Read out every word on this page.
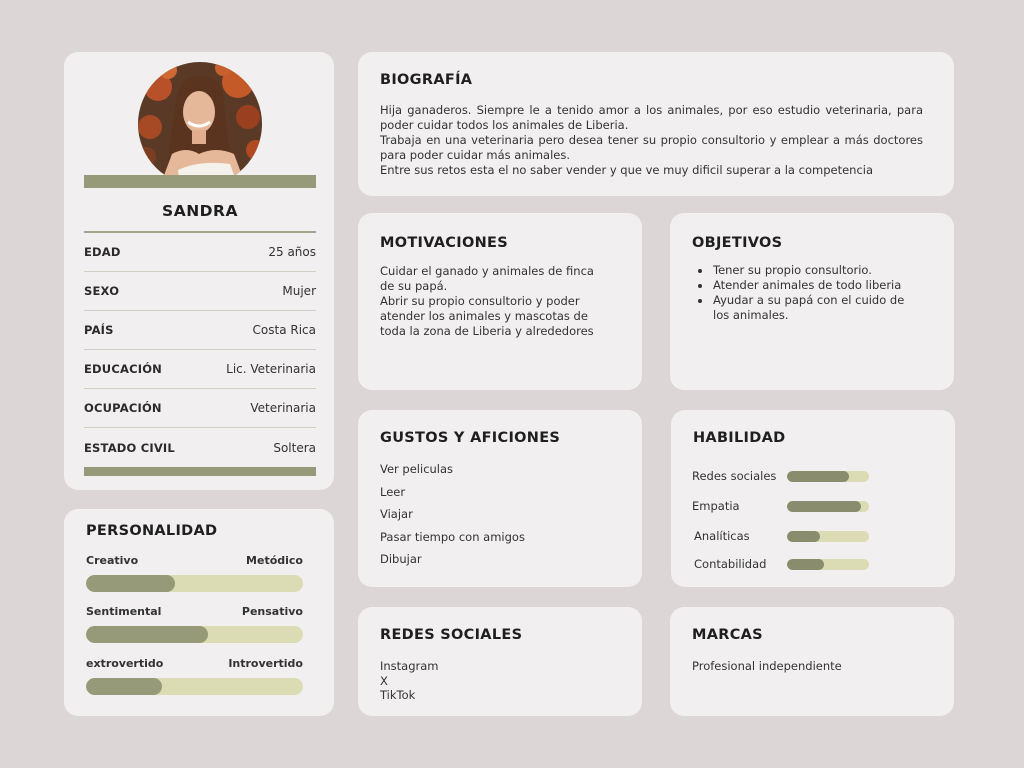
SANDRA
EDAD	25 años
SEXO	Mujer
PAÍS	Costa Rica
EDUCACIÓN	Lic. Veterinaria
OCUPACIÓN	Veterinaria
ESTADO CIVIL	Soltera
PERSONALIDAD
Creativo	Metódico
Sentimental	Pensativo
extrovertido	Introvertido
BIOGRAFÍA
Hija ganaderos. Siempre le a tenido amor a los animales, por eso estudio veterinaria, para poder cuidar todos los animales de Liberia.
Trabaja en una veterinaria pero desea tener su propio consultorio y emplear a más doctores para poder cuidar más animales.
Entre sus retos esta el no saber vender y que ve muy dificil superar a la competencia
MOTIVACIONES
Cuidar el ganado y animales de finca de su papá.
Abrir su propio consultorio y poder atender los animales y mascotas de toda la zona de Liberia y alrededores
OBJETIVOS
Tener su propio consultorio.
Atender animales de todo liberia
Ayudar a su papá con el cuido de los animales.
GUSTOS Y AFICIONES
Ver peliculas
Leer
Viajar
Pasar tiempo con amigos
Dibujar
HABILIDAD
Redes sociales
Empatia
Analíticas
Contabilidad
REDES SOCIALES
Instagram
X
TikTok
MARCAS
Profesional independiente
